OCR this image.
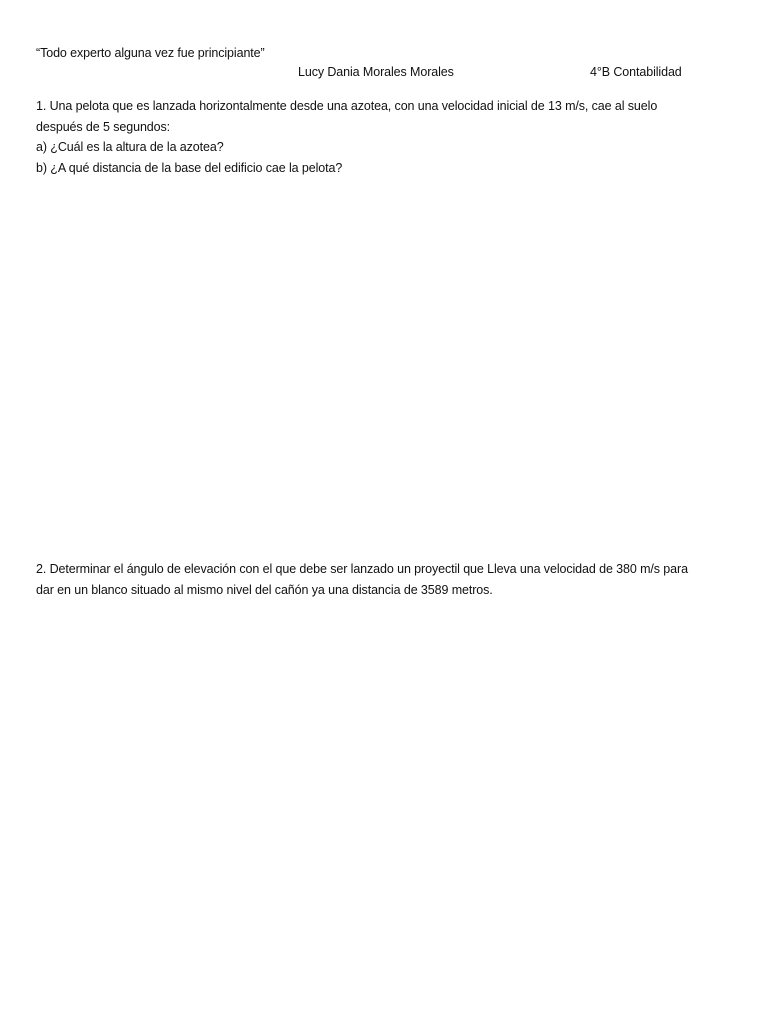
“Todo experto alguna vez fue principiante”
Lucy Dania Morales Morales	4°B Contabilidad

1. Una pelota que es lanzada horizontalmente desde una azotea, con una velocidad inicial de 13 m/s, cae al suelo

después de 5 segundos:

a) ¿Cuál es la altura de la azotea?

b) ¿A qué distancia de la base del edificio cae la pelota?

2. Determinar el ángulo de elevación con el que debe ser lanzado un proyectil que Lleva una velocidad de 380 m/s para

dar en un blanco situado al mismo nivel del cañón ya una distancia de 3589 metros.
